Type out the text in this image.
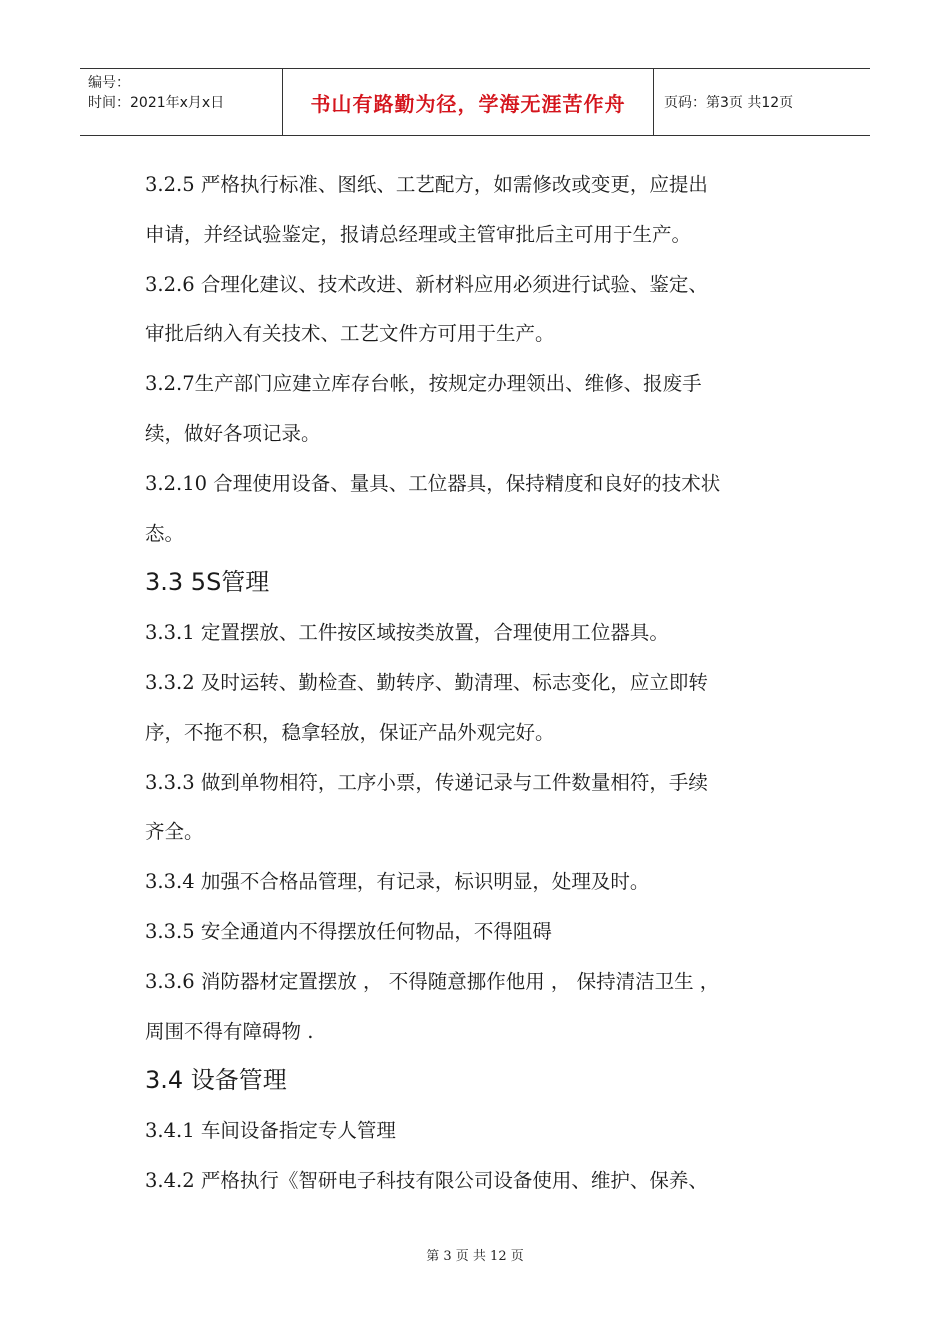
编号：
时间：2021年x月x日	书山有路勤为径，学海无涯苦作舟	页码：第3页 共12页

3.2.5 严格执行标准、图纸、工艺配方，如需修改或变更，应提出

申请，并经试验鉴定，报请总经理或主管审批后主可用于生产。

3.2.6 合理化建议、技术改进、新材料应用必须进行试验、鉴定、

审批后纳入有关技术、工艺文件方可用于生产。

3.2.7生产部门应建立库存台帐，按规定办理领出、维修、报废手

续，做好各项记录。

3.2.10 合理使用设备、量具、工位器具，保持精度和良好的技术状

态。

3.3 5S管理

3.3.1 定置摆放、工件按区域按类放置，合理使用工位器具。

3.3.2 及时运转、勤检查、勤转序、勤清理、标志变化，应立即转

序，不拖不积，稳拿轻放，保证产品外观完好。

3.3.3 做到单物相符，工序小票，传递记录与工件数量相符，手续

齐全。

3.3.4 加强不合格品管理，有记录，标识明显，处理及时。

3.3.5 安全通道内不得摆放任何物品，不得阻碍

3.3.6 消防器材定置摆放 ， 不得随意挪作他用 ， 保持清洁卫生 ，

周围不得有障碍物 .

3.4 设备管理

3.4.1 车间设备指定专人管理

3.4.2 严格执行《智研电子科技有限公司设备使用、维护、保养、

第 3 页 共 12 页
